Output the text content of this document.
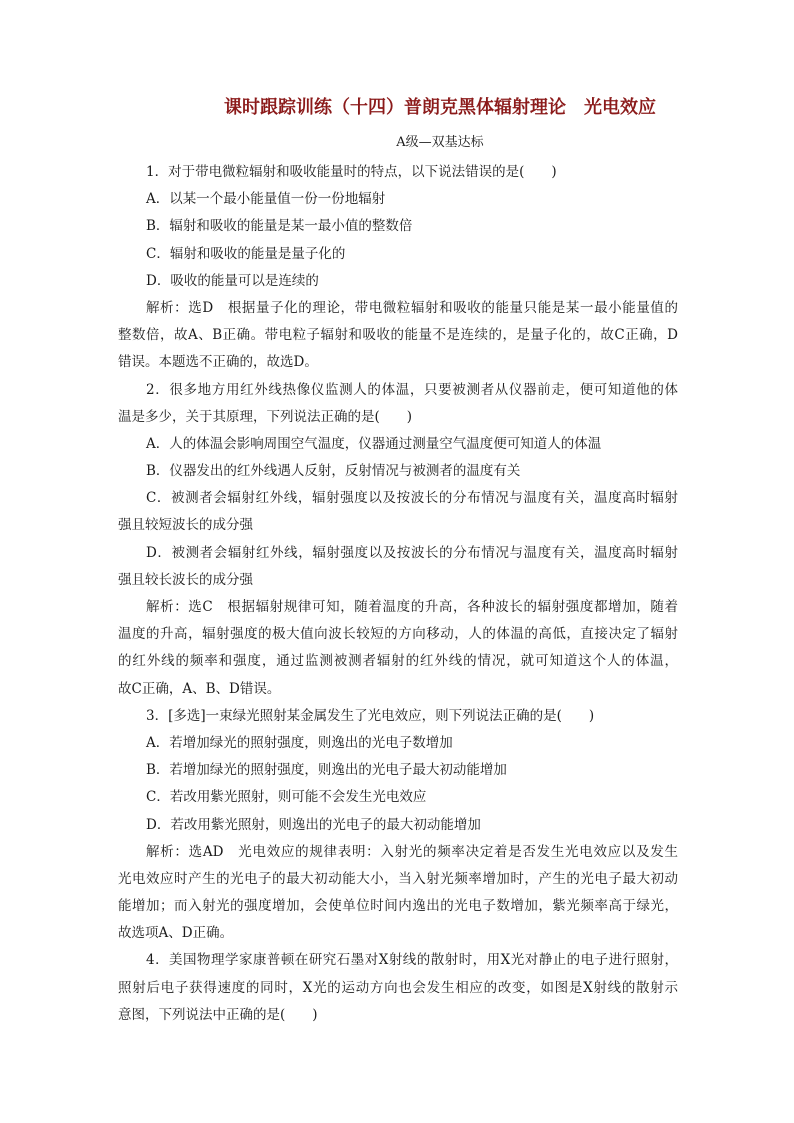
课时跟踪训练（十四）普朗克黑体辐射理论　光电效应
A级—双基达标
1．对于带电微粒辐射和吸收能量时的特点，以下说法错误的是(　　)
A．以某一个最小能量值一份一份地辐射
B．辐射和吸收的能量是某一最小值的整数倍
C．辐射和吸收的能量是量子化的
D．吸收的能量可以是连续的
解析：选D　根据量子化的理论，带电微粒辐射和吸收的能量只能是某一最小能量值的
整数倍，故A、B正确。带电粒子辐射和吸收的能量不是连续的，是量子化的，故C正确，D
错误。本题选不正确的，故选D。
2．很多地方用红外线热像仪监测人的体温，只要被测者从仪器前走，便可知道他的体
温是多少，关于其原理，下列说法正确的是(　　)
A．人的体温会影响周围空气温度，仪器通过测量空气温度便可知道人的体温
B．仪器发出的红外线遇人反射，反射情况与被测者的温度有关
C．被测者会辐射红外线，辐射强度以及按波长的分布情况与温度有关，温度高时辐射
强且较短波长的成分强
D．被测者会辐射红外线，辐射强度以及按波长的分布情况与温度有关，温度高时辐射
强且较长波长的成分强
解析：选C　根据辐射规律可知，随着温度的升高，各种波长的辐射强度都增加，随着
温度的升高，辐射强度的极大值向波长较短的方向移动，人的体温的高低，直接决定了辐射
的红外线的频率和强度，通过监测被测者辐射的红外线的情况，就可知道这个人的体温，
故C正确，A、B、D错误。
3．[多选]一束绿光照射某金属发生了光电效应，则下列说法正确的是(　　)
A．若增加绿光的照射强度，则逸出的光电子数增加
B．若增加绿光的照射强度，则逸出的光电子最大初动能增加
C．若改用紫光照射，则可能不会发生光电效应
D．若改用紫光照射，则逸出的光电子的最大初动能增加
解析：选AD　光电效应的规律表明：入射光的频率决定着是否发生光电效应以及发生
光电效应时产生的光电子的最大初动能大小，当入射光频率增加时，产生的光电子最大初动
能增加；而入射光的强度增加，会使单位时间内逸出的光电子数增加，紫光频率高于绿光，
故选项A、D正确。
4．美国物理学家康普顿在研究石墨对X射线的散射时，用X光对静止的电子进行照射，
照射后电子获得速度的同时，X光的运动方向也会发生相应的改变，如图是X射线的散射示
意图，下列说法中正确的是(　　)
